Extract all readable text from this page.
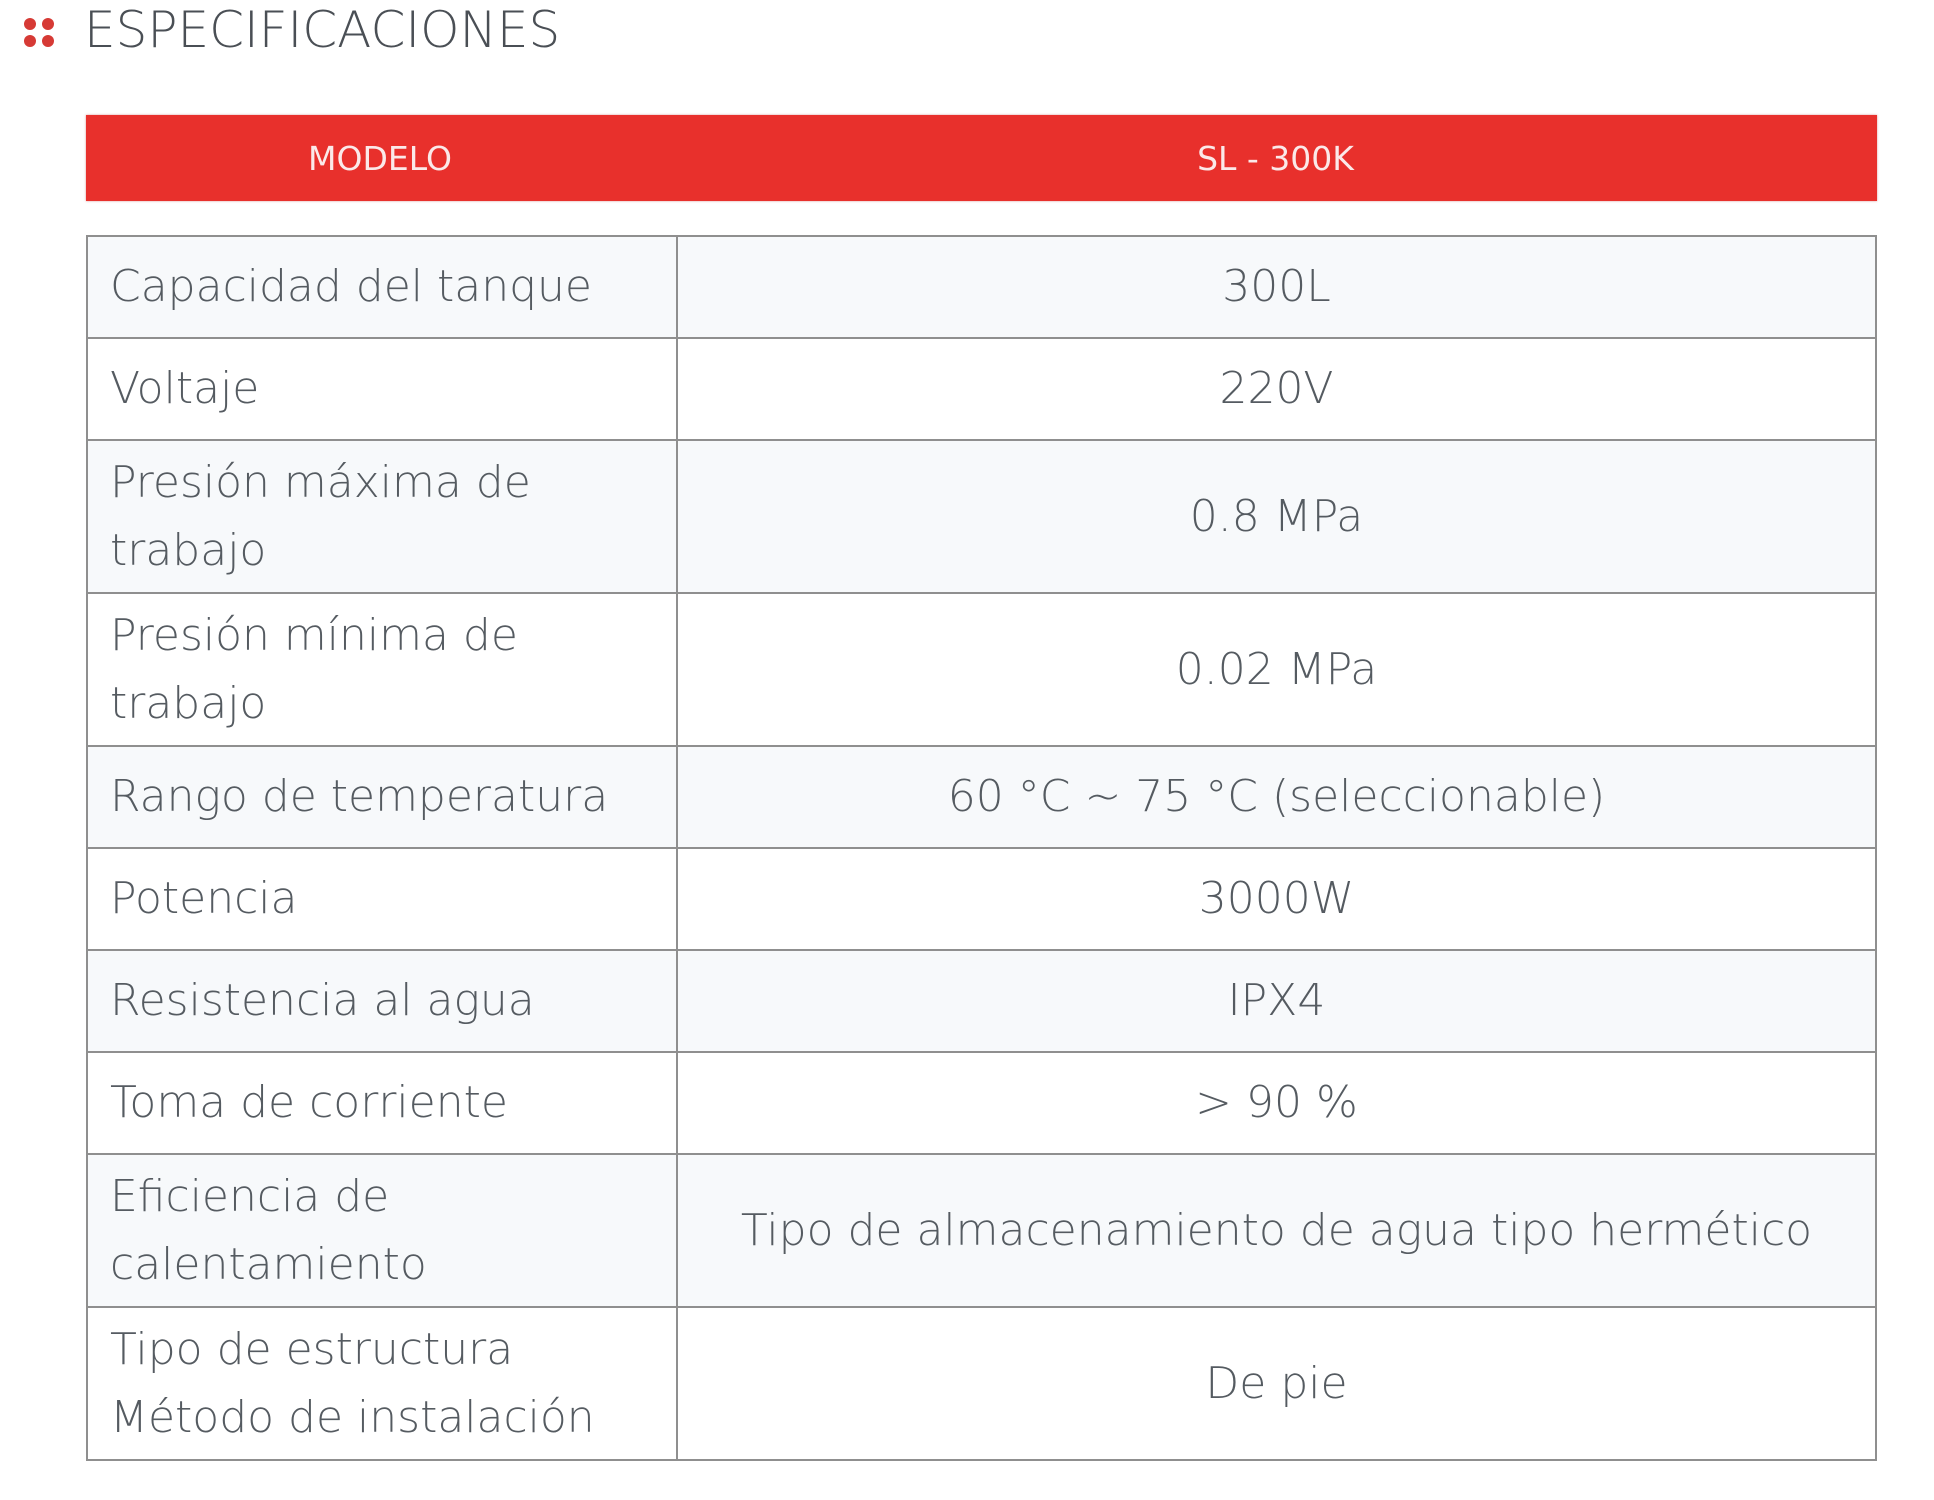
ESPECIFICACIONES
MODELO	SL - 300K
Capacidad del tanque	300L
Voltaje	220V
Presión máxima de trabajo	0.8 MPa
Presión mínima de trabajo	0.02 MPa
Rango de temperatura	60 °C ~ 75 °C (seleccionable)
Potencia	3000W
Resistencia al agua	IPX4
Toma de corriente	> 90 %
Eficiencia de calentamiento	Tipo de almacenamiento de agua tipo hermético
Tipo de estructura Método de instalación	De pie
